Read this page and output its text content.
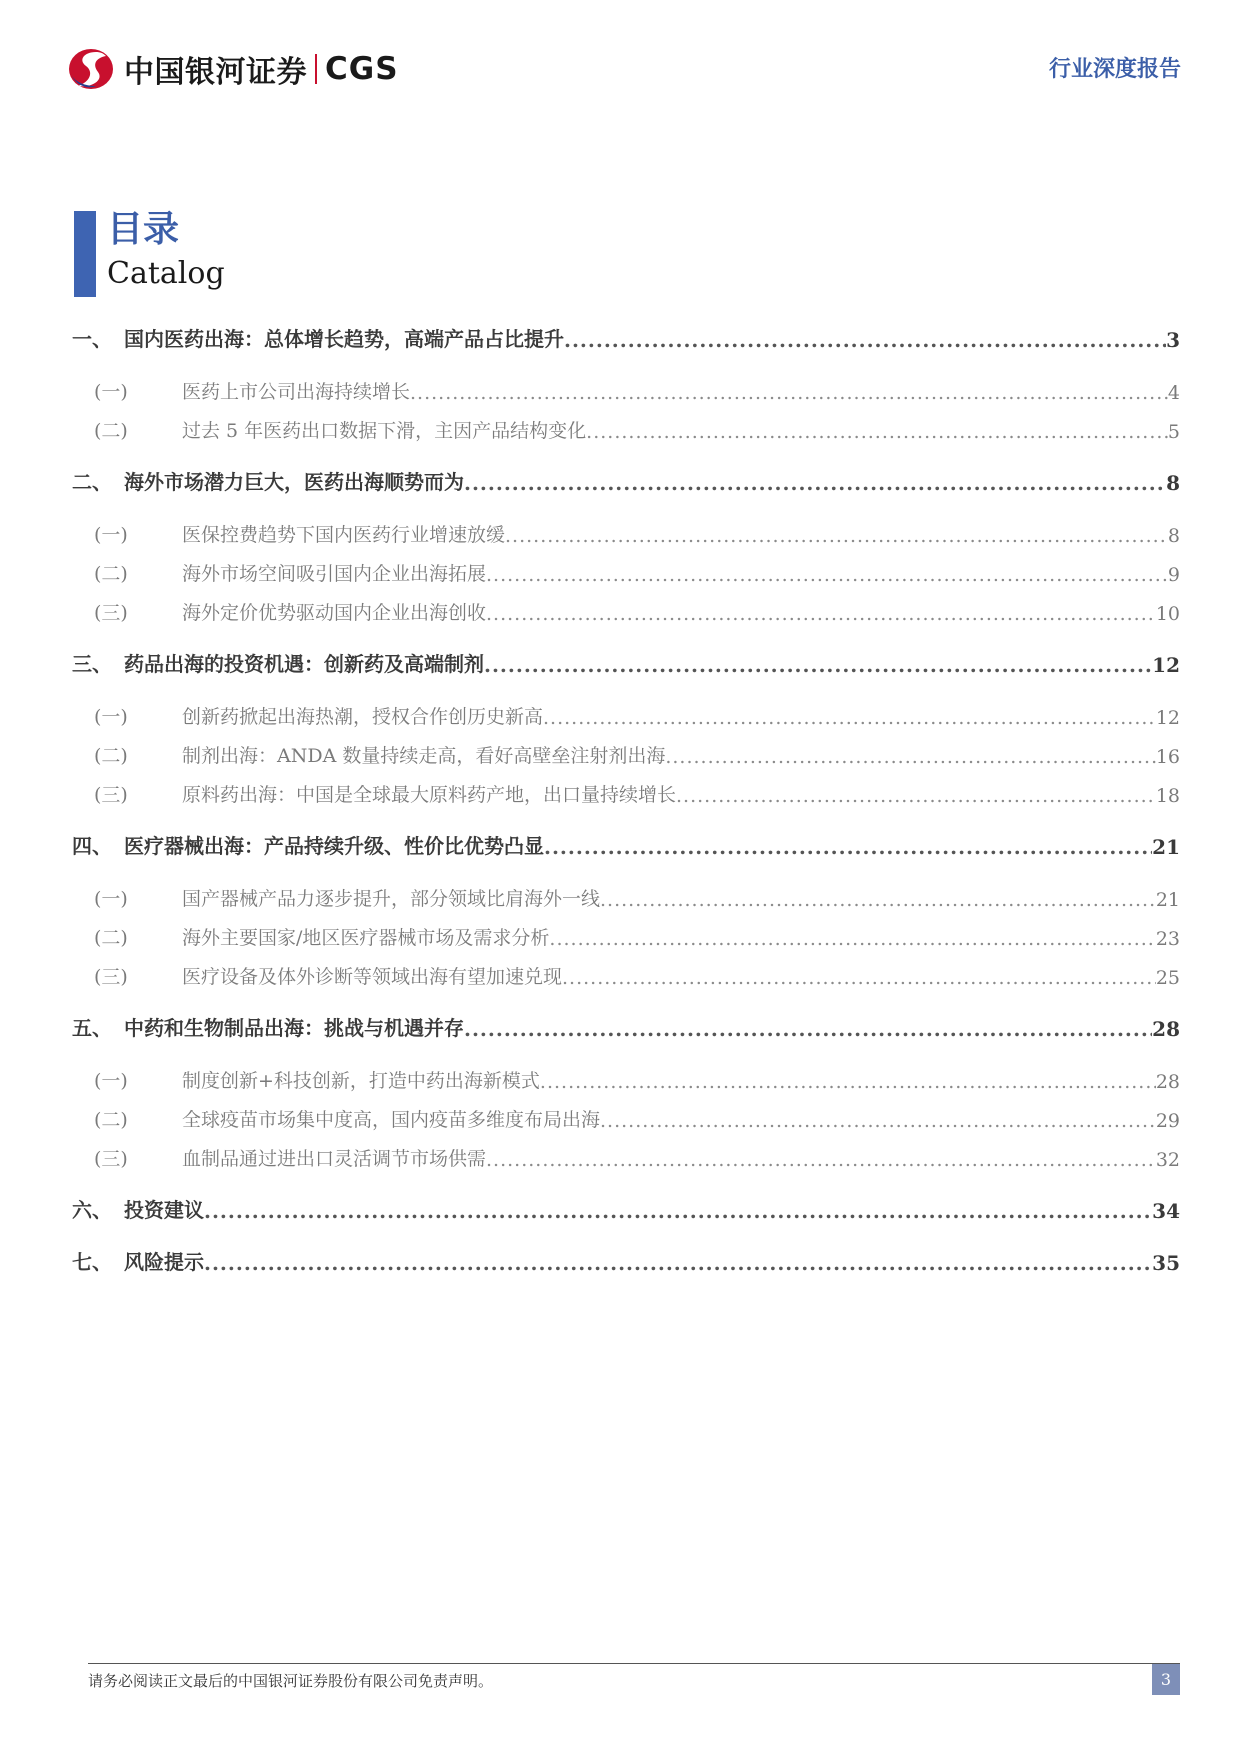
中国银河证券 CGS	行业深度报告
目录
Catalog
一、 国内医药出海：总体增长趋势，高端产品占比提升 .....	3
(一)	医药上市公司出海持续增长 .....	4
(二)	过去 5 年医药出口数据下滑，主因产品结构变化 .....	5
二、 海外市场潜力巨大，医药出海顺势而为 .....	8
(一)	医保控费趋势下国内医药行业增速放缓 .....	8
(二)	海外市场空间吸引国内企业出海拓展 .....	9
(三)	海外定价优势驱动国内企业出海创收 .....	10
三、 药品出海的投资机遇：创新药及高端制剂 .....	12
(一)	创新药掀起出海热潮，授权合作创历史新高 .....	12
(二)	制剂出海：ANDA 数量持续走高，看好高壁垒注射剂出海 .....	16
(三)	原料药出海：中国是全球最大原料药产地，出口量持续增长 .....	18
四、 医疗器械出海：产品持续升级、性价比优势凸显 .....	21
(一)	国产器械产品力逐步提升，部分领域比肩海外一线 .....	21
(二)	海外主要国家/地区医疗器械市场及需求分析 .....	23
(三)	医疗设备及体外诊断等领域出海有望加速兑现 .....	25
五、 中药和生物制品出海：挑战与机遇并存 .....	28
(一)	制度创新+科技创新，打造中药出海新模式 .....	28
(二)	全球疫苗市场集中度高，国内疫苗多维度布局出海 .....	29
(三)	血制品通过进出口灵活调节市场供需 .....	32
六、 投资建议 .....	34
七、 风险提示 .....	35
请务必阅读正文最后的中国银河证券股份有限公司免责声明。	3
